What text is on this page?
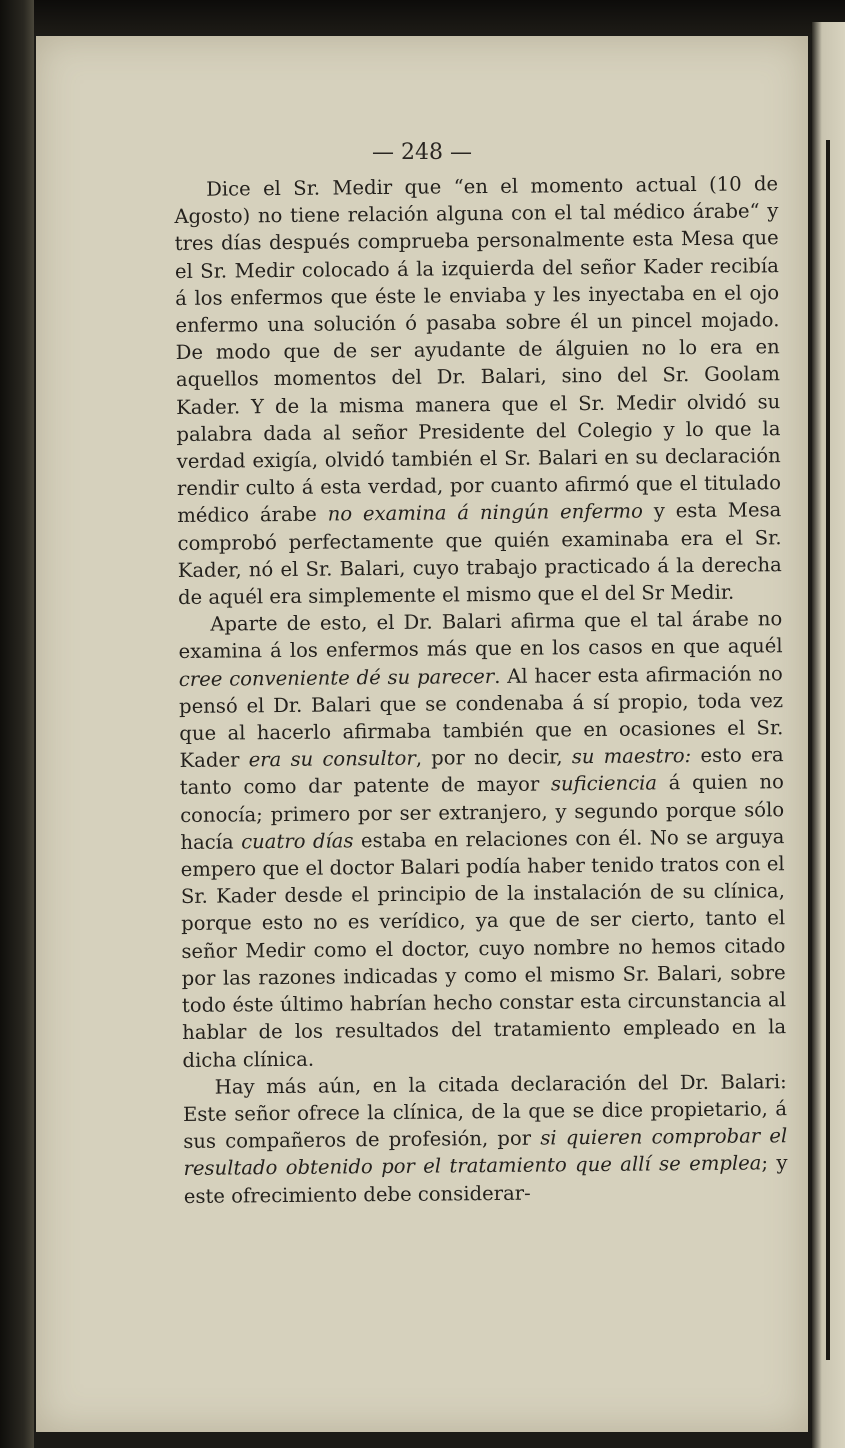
— 248 —

Dice el Sr. Medir que “en el momento actual (10 de Agosto) no tiene relación alguna con el tal médico árabe“ y tres días después comprueba personalmente esta Mesa que el Sr. Medir colocado á la izquierda del señor Kader recibía á los enfermos que éste le enviaba y les inyectaba en el ojo enfermo una solución ó pasaba sobre él un pincel mojado. De modo que de ser ayudante de álguien no lo era en aquellos momentos del Dr. Balari, sino del Sr. Goolam Kader. Y de la misma manera que el Sr. Medir olvidó su palabra dada al señor Presidente del Colegio y lo que la verdad exigía, olvidó también el Sr. Balari en su declaración rendir culto á esta verdad, por cuanto afirmó que el titulado médico árabe no examina á ningún enfermo y esta Mesa comprobó perfectamente que quién examinaba era el Sr. Kader, nó el Sr. Balari, cuyo trabajo practicado á la derecha de aquél era simplemente el mismo que el del Sr Medir.

Aparte de esto, el Dr. Balari afirma que el tal árabe no examina á los enfermos más que en los casos en que aquél cree conveniente dé su parecer. Al hacer esta afirmación no pensó el Dr. Balari que se condenaba á sí propio, toda vez que al hacerlo afirmaba también que en ocasiones el Sr. Kader era su consultor, por no decir, su maestro: esto era tanto como dar patente de mayor suficiencia á quien no conocía; primero por ser extranjero, y segundo porque sólo hacía cuatro días estaba en relaciones con él. No se arguya empero que el doctor Balari podía haber tenido tratos con el Sr. Kader desde el principio de la instalación de su clínica, porque esto no es verídico, ya que de ser cierto, tanto el señor Medir como el doctor, cuyo nombre no hemos citado por las razones indicadas y como el mismo Sr. Balari, sobre todo éste último habrían hecho constar esta circunstancia al hablar de los resultados del tratamiento empleado en la dicha clínica.

Hay más aún, en la citada declaración del Dr. Balari: Este señor ofrece la clínica, de la que se dice propietario, á sus compañeros de profesión, por si quieren comprobar el resultado obtenido por el tratamiento que allí se emplea; y este ofrecimiento debe considerar-
